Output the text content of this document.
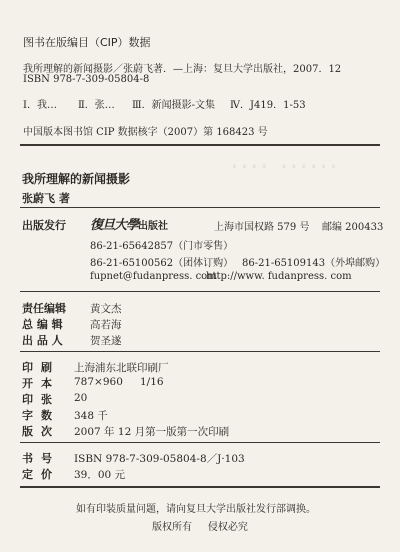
···· ······
图书在版编目（CIP）数据
我所理解的新闻摄影／张蔚飞著．—上海：复旦大学出版社，2007．12
ISBN 978-7-309-05804-8
Ⅰ．我… Ⅱ．张… Ⅲ．新闻摄影-文集 Ⅳ．J419．1-53
中国版本图书馆 CIP 数据核字（2007）第 168423 号
我所理解的新闻摄影
张蔚飞 著
出版发行 復旦大學出版社	上海市国权路 579 号 邮编 200433
86-21-65642857（门市零售）
86-21-65100562（团体订购） 86-21-65109143（外埠邮购）
fupnet@fudanpress. com
http://www. fudanpress. com
责任编辑 黄文杰
总 编 辑	高若海
出 品 人	贺圣遂
印刷 上海浦东北联印刷厂
开本 787×960 1/16
印张 20
字数 348 千
版次 2007 年 12 月第一版第一次印刷
书号 ISBN 978-7-309-05804-8／J·103
定价 39．00 元
如有印装质量问题，请向复旦大学出版社发行部调换。
版权所有     侵权必究
